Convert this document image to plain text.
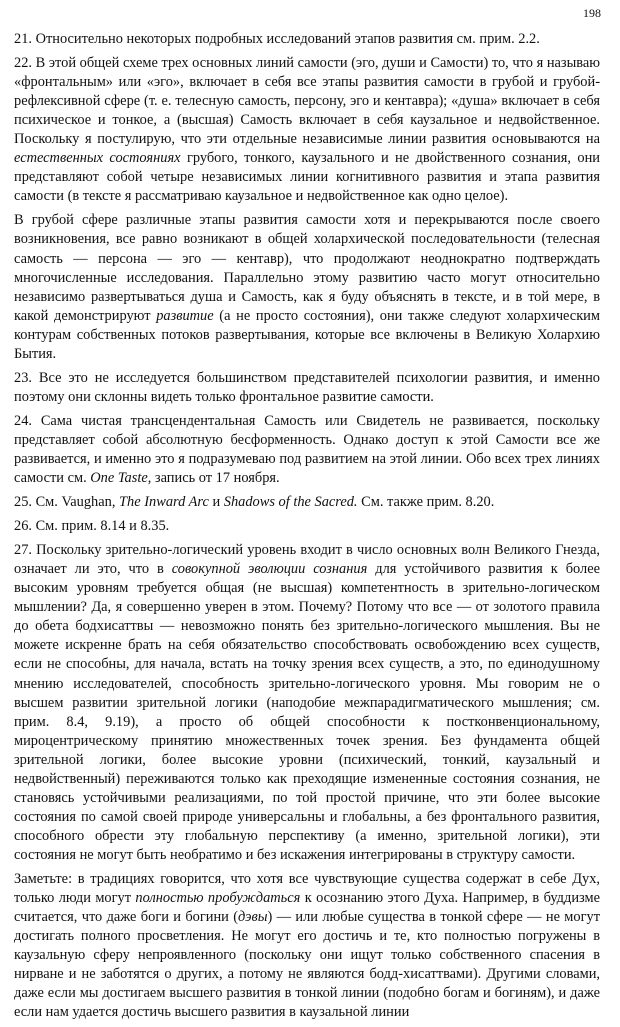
198

21. Относительно некоторых подробных исследований этапов развития см. прим. 2.2.

22. В этой общей схеме трех основных линий самости (эго, души и Самости) то, что я называю «фронтальным» или «эго», включает в себя все этапы развития самости в грубой и грубой-рефлексивной сфере (т. е. телесную самость, персону, эго и кентавра); «душа» включает в себя психическое и тонкое, а (высшая) Самость включает в себя каузальное и недвойственное. Поскольку я постулирую, что эти отдельные независимые линии развития основываются на естественных состояниях грубого, тонкого, каузального и не двойственного сознания, они представляют собой четыре независимых линии когнитивного развития и этапа развития самости (в тексте я рассматриваю каузальное и недвойственное как одно целое).

В грубой сфере различные этапы развития самости хотя и перекрываются после своего возникновения, все равно возникают в общей холархической последовательности (телесная самость — персона — эго — кентавр), что продолжают неоднократно подтверждать многочисленные исследования. Параллельно этому развитию часто могут относительно независимо развертываться душа и Самость, как я буду объяснять в тексте, и в той мере, в какой демонстрируют развитие (а не просто состояния), они также следуют холархическим контурам собственных потоков развертывания, которые все включены в Великую Холархию Бытия.

23. Все это не исследуется большинством представителей психологии развития, и именно поэтому они склонны видеть только фронтальное развитие самости.

24. Сама чистая трансцендентальная Самость или Свидетель не развивается, поскольку представляет собой абсолютную бесформенность. Однако доступ к этой Самости все же развивается, и именно это я подразумеваю под развитием на этой линии. Обо всех трех линиях самости см. One Taste, запись от 17 ноября.

25. См. Vaughan, The Inward Arc и Shadows of the Sacred. См. также прим. 8.20.

26. См. прим. 8.14 и 8.35.

27. Поскольку зрительно-логический уровень входит в число основных волн Великого Гнезда, означает ли это, что в совокупной эволюции сознания для устойчивого развития к более высоким уровням требуется общая (не высшая) компетентность в зрительно-логическом мышлении? Да, я совершенно уверен в этом. Почему? Потому что все — от золотого правила до обета бодхисаттвы — невозможно понять без зрительно-логического мышления. Вы не можете искренне брать на себя обязательство способствовать освобождению всех существ, если не способны, для начала, встать на точку зрения всех существ, а это, по единодушному мнению исследователей, способность зрительно-логического уровня. Мы говорим не о высшем развитии зрительной логики (наподобие межпарадигматического мышления; см. прим. 8.4, 9.19), а просто об общей способности к постконвенциональному, мироцентрическому принятию множественных точек зрения. Без фундамента общей зрительной логики, более высокие уровни (психический, тонкий, каузальный и недвойственный) переживаются только как преходящие измененные состояния сознания, не становясь устойчивыми реализациями, по той простой причине, что эти более высокие состояния по самой своей природе универсальны и глобальны, а без фронтального развития, способного обрести эту глобальную перспективу (а именно, зрительной логики), эти состояния не могут быть необратимо и без искажения интегрированы в структуру самости.

Заметьте: в традициях говорится, что хотя все чувствующие существа содержат в себе Дух, только люди могут полностью пробуждаться к осознанию этого Духа. Например, в буддизме считается, что даже боги и богини (дэвы) — или любые существа в тонкой сфере — не могут достигать полного просветления. Не могут его достичь и те, кто полностью погружены в каузальную сферу непроявленного (поскольку они ищут только собственного спасения в нирване и не заботятся о других, а потому не являются бодд-хисаттвами). Другими словами, даже если мы достигаем высшего развития в тонкой линии (подобно богам и богиням), и даже если нам удается достичь высшего развития в каузальной линии
